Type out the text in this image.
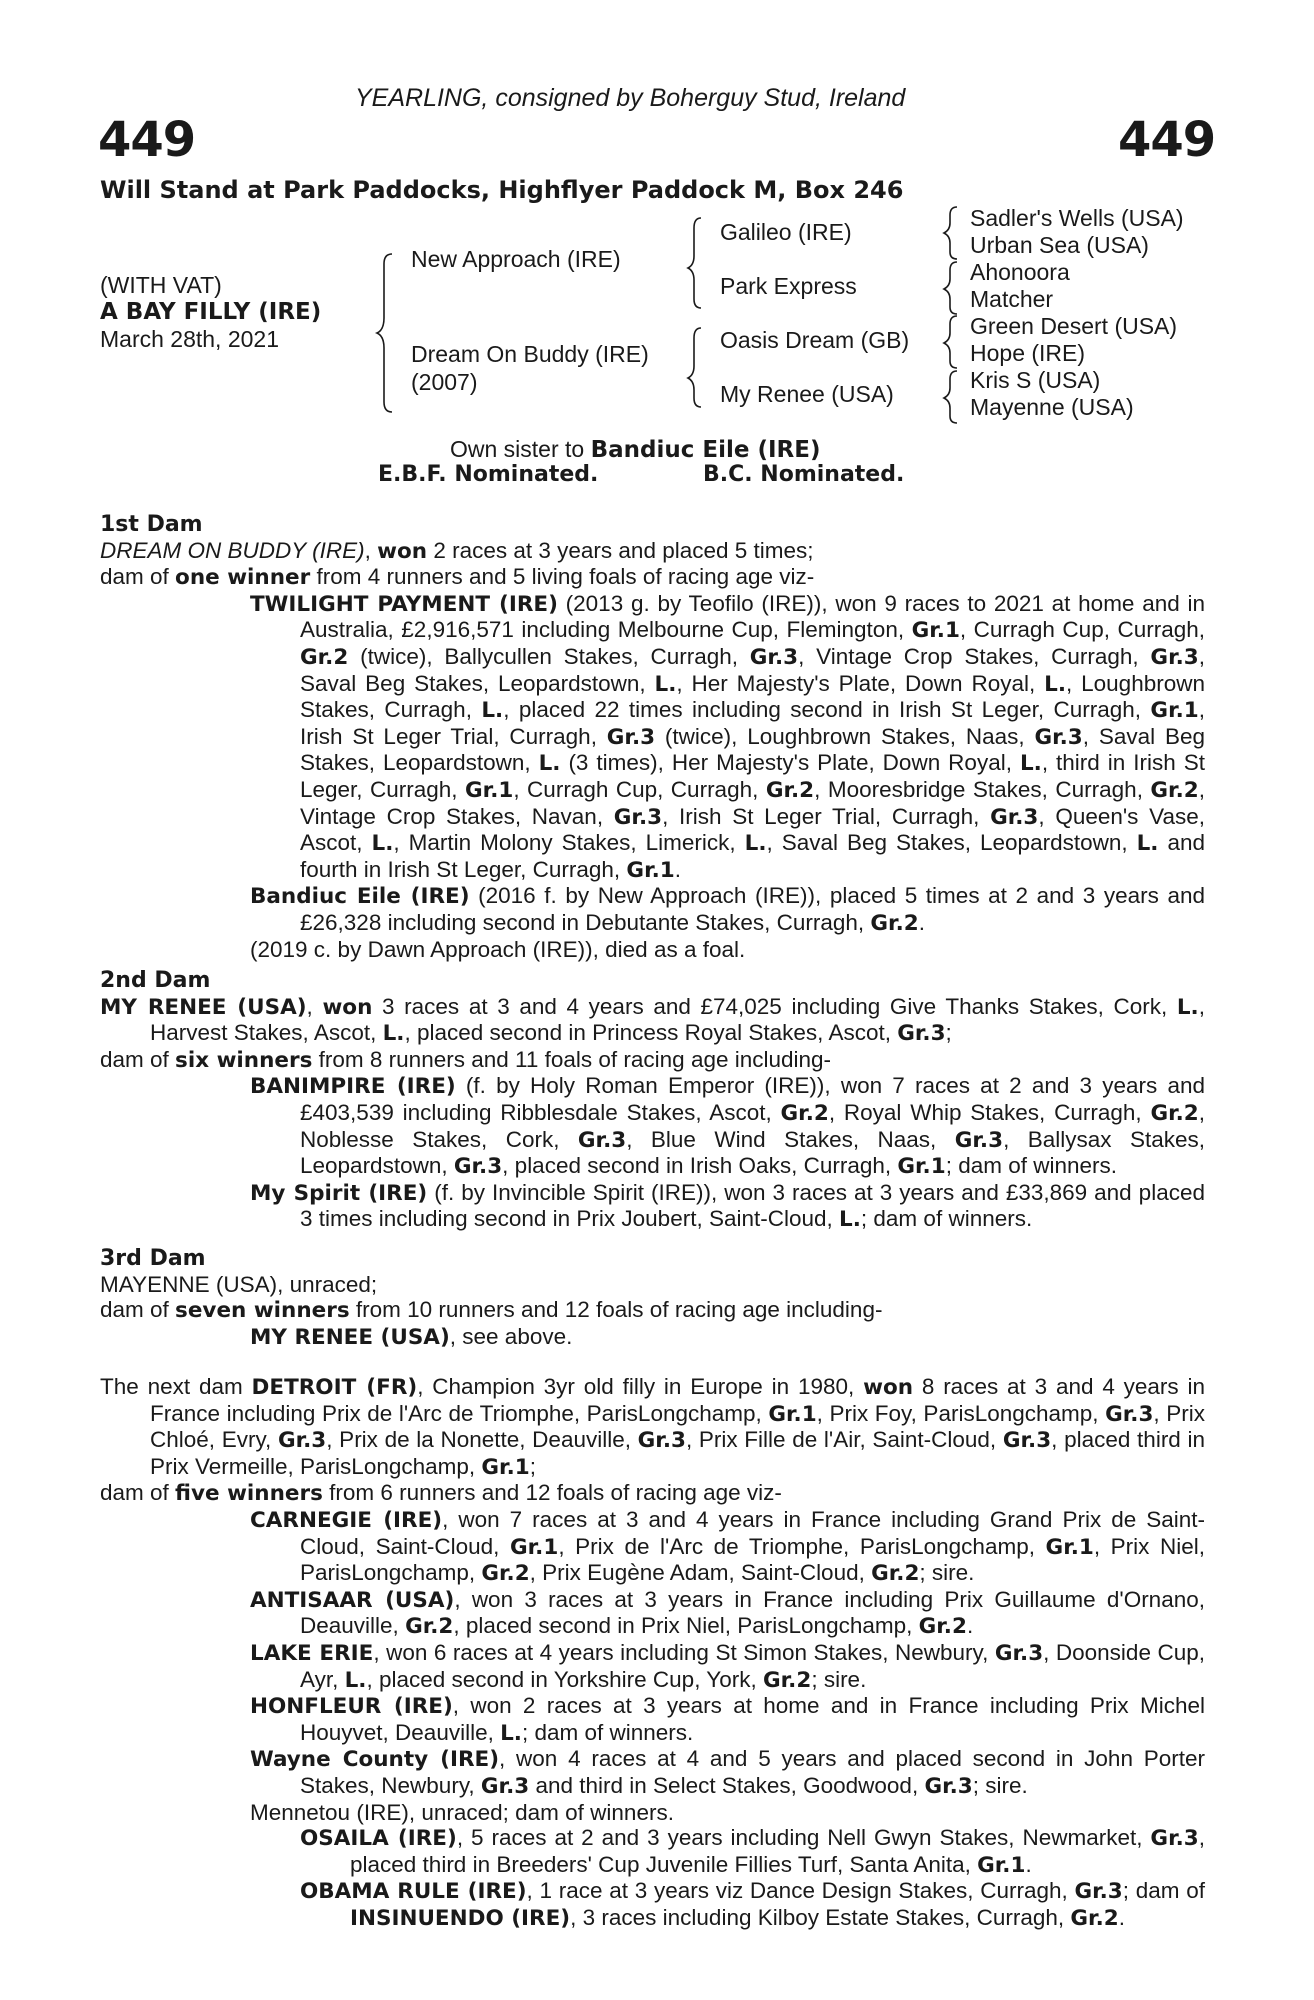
YEARLING, consigned by Boherguy Stud, Ireland
449	449
Will Stand at Park Paddocks, Highflyer Paddock M, Box 246
(WITH VAT)
A BAY FILLY (IRE)
March 28th, 2021
New Approach (IRE)
Dream On Buddy (IRE)
(2007)
Galileo (IRE)
Park Express
Oasis Dream (GB)
My Renee (USA)
Sadler's Wells (USA)
Urban Sea (USA)
Ahonoora
Matcher
Green Desert (USA)
Hope (IRE)
Kris S (USA)
Mayenne (USA)
Own sister to Bandiuc Eile (IRE)
E.B.F. Nominated.	B.C. Nominated.

1st Dam

DREAM ON BUDDY (IRE), won 2 races at 3 years and placed 5 times;

dam of one winner from 4 runners and 5 living foals of racing age viz-

TWILIGHT PAYMENT (IRE) (2013 g. by Teofilo (IRE)), won 9 races to 2021 at home and in Australia, £2,916,571 including Melbourne Cup, Flemington, Gr.1, Curragh Cup, Curragh, Gr.2 (twice), Ballycullen Stakes, Curragh, Gr.3, Vintage Crop Stakes, Curragh, Gr.3, Saval Beg Stakes, Leopardstown, L., Her Majesty's Plate, Down Royal, L., Loughbrown Stakes, Curragh, L., placed 22 times including second in Irish St Leger, Curragh, Gr.1, Irish St Leger Trial, Curragh, Gr.3 (twice), Loughbrown Stakes, Naas, Gr.3, Saval Beg Stakes, Leopardstown, L. (3 times), Her Majesty's Plate, Down Royal, L., third in Irish St Leger, Curragh, Gr.1, Curragh Cup, Curragh, Gr.2, Mooresbridge Stakes, Curragh, Gr.2, Vintage Crop Stakes, Navan, Gr.3, Irish St Leger Trial, Curragh, Gr.3, Queen's Vase, Ascot, L., Martin Molony Stakes, Limerick, L., Saval Beg Stakes, Leopardstown, L. and fourth in Irish St Leger, Curragh, Gr.1.

Bandiuc Eile (IRE) (2016 f. by New Approach (IRE)), placed 5 times at 2 and 3 years and £26,328 including second in Debutante Stakes, Curragh, Gr.2.

(2019 c. by Dawn Approach (IRE)), died as a foal.

2nd Dam

MY RENEE (USA), won 3 races at 3 and 4 years and £74,025 including Give Thanks Stakes, Cork, L., Harvest Stakes, Ascot, L., placed second in Princess Royal Stakes, Ascot, Gr.3;

dam of six winners from 8 runners and 11 foals of racing age including-

BANIMPIRE (IRE) (f. by Holy Roman Emperor (IRE)), won 7 races at 2 and 3 years and £403,539 including Ribblesdale Stakes, Ascot, Gr.2, Royal Whip Stakes, Curragh, Gr.2, Noblesse Stakes, Cork, Gr.3, Blue Wind Stakes, Naas, Gr.3, Ballysax Stakes, Leopardstown, Gr.3, placed second in Irish Oaks, Curragh, Gr.1; dam of winners.

My Spirit (IRE) (f. by Invincible Spirit (IRE)), won 3 races at 3 years and £33,869 and placed 3 times including second in Prix Joubert, Saint-Cloud, L.; dam of winners.

3rd Dam

MAYENNE (USA), unraced;

dam of seven winners from 10 runners and 12 foals of racing age including-

MY RENEE (USA), see above.

The next dam DETROIT (FR), Champion 3yr old filly in Europe in 1980, won 8 races at 3 and 4 years in France including Prix de l'Arc de Triomphe, ParisLongchamp, Gr.1, Prix Foy, ParisLongchamp, Gr.3, Prix Chloé, Evry, Gr.3, Prix de la Nonette, Deauville, Gr.3, Prix Fille de l'Air, Saint-Cloud, Gr.3, placed third in Prix Vermeille, ParisLongchamp, Gr.1;

dam of five winners from 6 runners and 12 foals of racing age viz-

CARNEGIE (IRE), won 7 races at 3 and 4 years in France including Grand Prix de Saint-Cloud, Saint-Cloud, Gr.1, Prix de l'Arc de Triomphe, ParisLongchamp, Gr.1, Prix Niel, ParisLongchamp, Gr.2, Prix Eugène Adam, Saint-Cloud, Gr.2; sire.

ANTISAAR (USA), won 3 races at 3 years in France including Prix Guillaume d'Ornano, Deauville, Gr.2, placed second in Prix Niel, ParisLongchamp, Gr.2.

LAKE ERIE, won 6 races at 4 years including St Simon Stakes, Newbury, Gr.3, Doonside Cup, Ayr, L., placed second in Yorkshire Cup, York, Gr.2; sire.

HONFLEUR (IRE), won 2 races at 3 years at home and in France including Prix Michel Houyvet, Deauville, L.; dam of winners.

Wayne County (IRE), won 4 races at 4 and 5 years and placed second in John Porter Stakes, Newbury, Gr.3 and third in Select Stakes, Goodwood, Gr.3; sire.

Mennetou (IRE), unraced; dam of winners.

OSAILA (IRE), 5 races at 2 and 3 years including Nell Gwyn Stakes, Newmarket, Gr.3, placed third in Breeders' Cup Juvenile Fillies Turf, Santa Anita, Gr.1.

OBAMA RULE (IRE), 1 race at 3 years viz Dance Design Stakes, Curragh, Gr.3; dam of INSINUENDO (IRE), 3 races including Kilboy Estate Stakes, Curragh, Gr.2.
